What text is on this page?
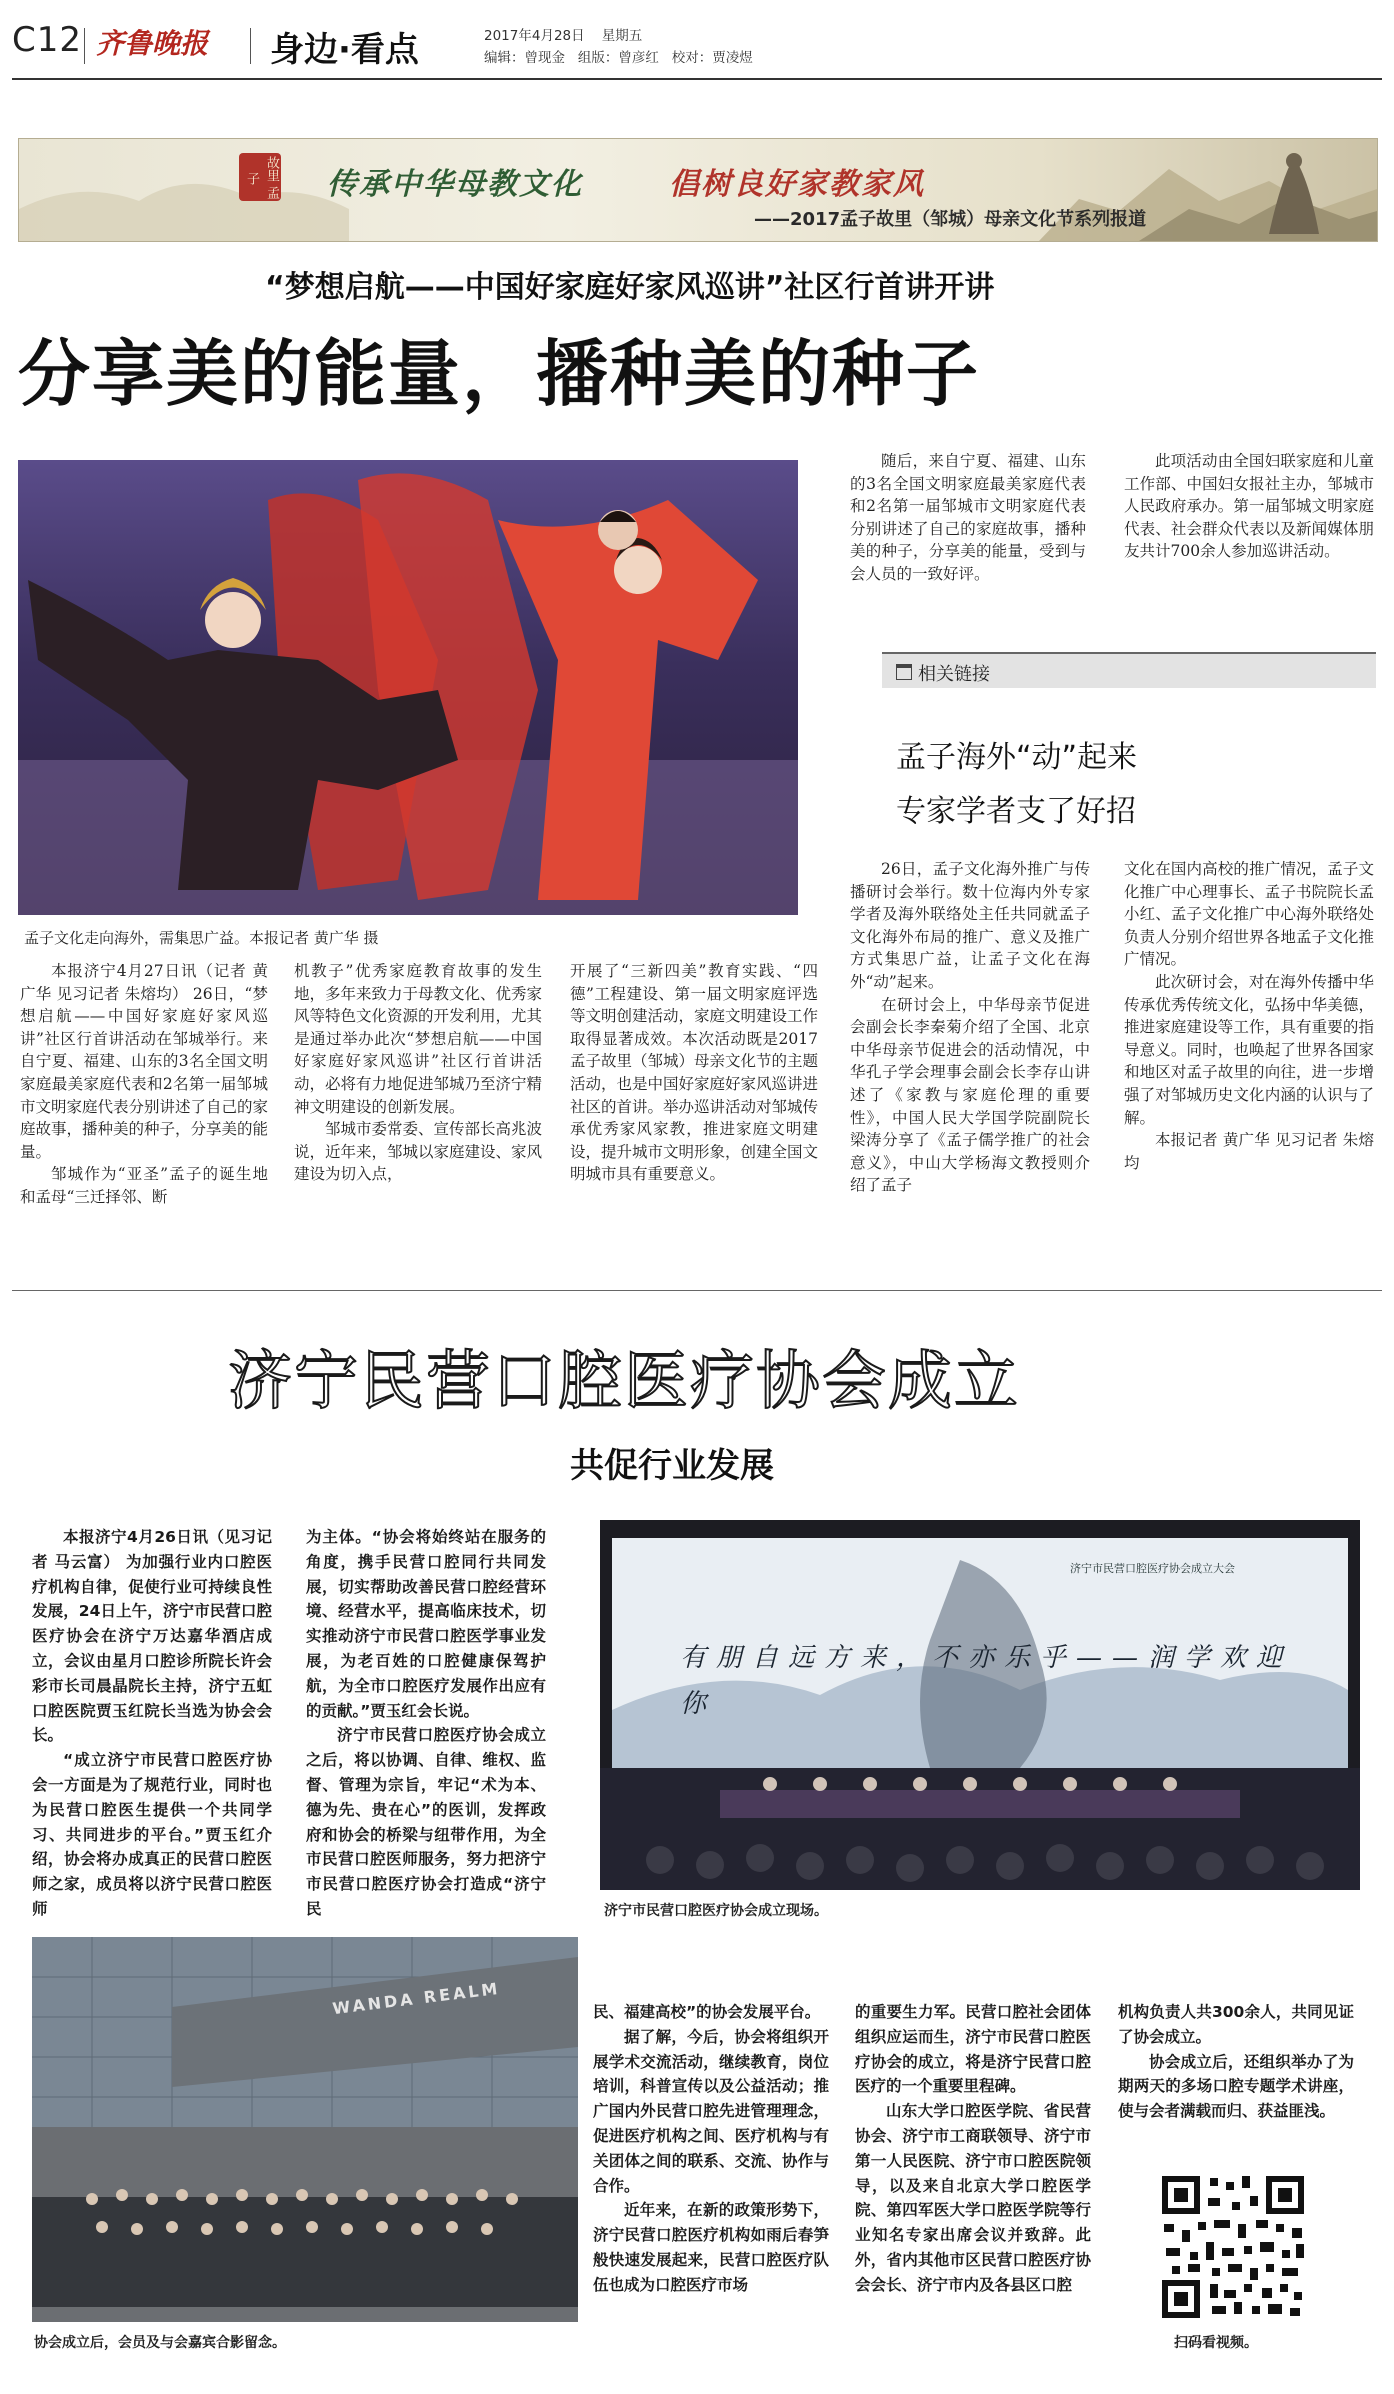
C12 齐鲁晚报 身边·看点	2017年4月28日 星期五
编辑：曾现金   组版：曾彦红   校对：贾凌煜
故里 孟子	传承中华母教文化	倡树良好家教家风
——2017孟子故里（邹城）母亲文化节系列报道
“梦想启航——中国好家庭好家风巡讲”社区行首讲开讲
分享美的能量，播种美的种子
孟子文化走向海外，需集思广益。本报记者 黄广华 摄

本报济宁4月27日讯（记者 黄广华 见习记者 朱熔均） 26日，“梦想启航——中国好家庭好家风巡讲”社区行首讲活动在邹城举行。来自宁夏、福建、山东的3名全国文明家庭最美家庭代表和2名第一届邹城市文明家庭代表分别讲述了自己的家庭故事，播种美的种子，分享美的能量。

邹城作为“亚圣”孟子的诞生地和孟母“三迁择邻、断

机教子”优秀家庭教育故事的发生地，多年来致力于母教文化、优秀家风等特色文化资源的开发利用，尤其是通过举办此次“梦想启航——中国好家庭好家风巡讲”社区行首讲活动，必将有力地促进邹城乃至济宁精神文明建设的创新发展。

邹城市委常委、宣传部长高兆波说，近年来，邹城以家庭建设、家风建设为切入点，

开展了“三新四美”教育实践、“四德”工程建设、第一届文明家庭评选等文明创建活动，家庭文明建设工作取得显著成效。本次活动既是2017孟子故里（邹城）母亲文化节的主题活动，也是中国好家庭好家风巡讲进社区的首讲。举办巡讲活动对邹城传承优秀家风家教，推进家庭文明建设，提升城市文明形象，创建全国文明城市具有重要意义。

随后，来自宁夏、福建、山东的3名全国文明家庭最美家庭代表和2名第一届邹城市文明家庭代表分别讲述了自己的家庭故事，播种美的种子，分享美的能量，受到与会人员的一致好评。

此项活动由全国妇联家庭和儿童工作部、中国妇女报社主办，邹城市人民政府承办。第一届邹城文明家庭代表、社会群众代表以及新闻媒体朋友共计700余人参加巡讲活动。

相关链接
孟子海外“动”起来
专家学者支了好招

26日，孟子文化海外推广与传播研讨会举行。数十位海内外专家学者及海外联络处主任共同就孟子文化海外布局的推广、意义及推广方式集思广益，让孟子文化在海外“动”起来。

在研讨会上，中华母亲节促进会副会长李秦菊介绍了全国、北京中华母亲节促进会的活动情况，中华孔子学会理事会副会长李存山讲述了《家教与家庭伦理的重要性》，中国人民大学国学院副院长梁涛分享了《孟子儒学推广的社会意义》，中山大学杨海文教授则介绍了孟子

文化在国内高校的推广情况，孟子文化推广中心理事长、孟子书院院长孟小红、孟子文化推广中心海外联络处负责人分别介绍世界各地孟子文化推广情况。

此次研讨会，对在海外传播中华传承优秀传统文化，弘扬中华美德，推进家庭建设等工作，具有重要的指导意义。同时，也唤起了世界各国家和地区对孟子故里的向往，进一步增强了对邹城历史文化内涵的认识与了解。

本报记者 黄广华 见习记者 朱熔均

济宁民营口腔医疗协会成立
共促行业发展

本报济宁4月26日讯（见习记者 马云富） 为加强行业内口腔医疗机构自律，促使行业可持续良性发展，24日上午，济宁市民营口腔医疗协会在济宁万达嘉华酒店成立，会议由星月口腔诊所院长许会彩市长司晨晶院长主持，济宁五虹口腔医院贾玉红院长当选为协会会长。

“成立济宁市民营口腔医疗协会一方面是为了规范行业，同时也为民营口腔医生提供一个共同学习、共同进步的平台。”贾玉红介绍，协会将办成真正的民营口腔医师之家，成员将以济宁民营口腔医师

为主体。“协会将始终站在服务的角度，携手民营口腔同行共同发展，切实帮助改善民营口腔经营环境、经营水平，提高临床技术，切实推动济宁市民营口腔医学事业发展，为老百姓的口腔健康保驾护航，为全市口腔医疗发展作出应有的贡献。”贾玉红会长说。

济宁市民营口腔医疗协会成立之后，将以协调、自律、维权、监督、管理为宗旨，牢记“术为本、德为先、贵在心”的医训，发挥政府和协会的桥梁与纽带作用，为全市民营口腔医师服务，努力把济宁市民营口腔医疗协会打造成“济宁民

济宁市民营口腔医疗协会成立大会
有朋自远方来，不亦乐乎——润学欢迎你
济宁市民营口腔医疗协会成立现场。
WANDA REALM
协会成立后，会员及与会嘉宾合影留念。

民、福建高校”的协会发展平台。

据了解，今后，协会将组织开展学术交流活动，继续教育，岗位培训，科普宣传以及公益活动；推广国内外民营口腔先进管理理念，促进医疗机构之间、医疗机构与有关团体之间的联系、交流、协作与合作。

近年来，在新的政策形势下，济宁民营口腔医疗机构如雨后春笋般快速发展起来，民营口腔医疗队伍也成为口腔医疗市场

的重要生力军。民营口腔社会团体组织应运而生，济宁市民营口腔医疗协会的成立，将是济宁民营口腔医疗的一个重要里程碑。

山东大学口腔医学院、省民营协会、济宁市工商联领导、济宁市第一人民医院、济宁市口腔医院领导，以及来自北京大学口腔医学院、第四军医大学口腔医学院等行业知名专家出席会议并致辞。此外，省内其他市区民营口腔医疗协会会长、济宁市内及各县区口腔

机构负责人共300余人，共同见证了协会成立。

协会成立后，还组织举办了为期两天的多场口腔专题学术讲座，使与会者满载而归、获益匪浅。

扫码看视频。
